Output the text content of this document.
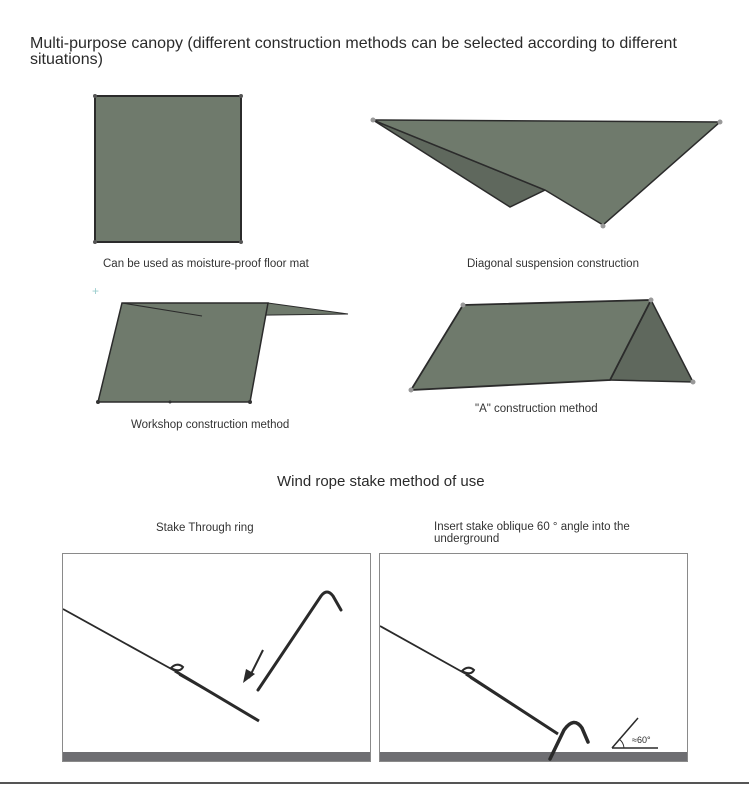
Multi-purpose canopy (different construction methods can be selected according to different situations)
Can be used as moisture-proof floor mat	Diagonal suspension construction
+
Workshop construction method
"A" construction method
Wind rope stake method of use
Stake Through ring	Insert stake oblique 60 ° angle into the underground
≈60°
